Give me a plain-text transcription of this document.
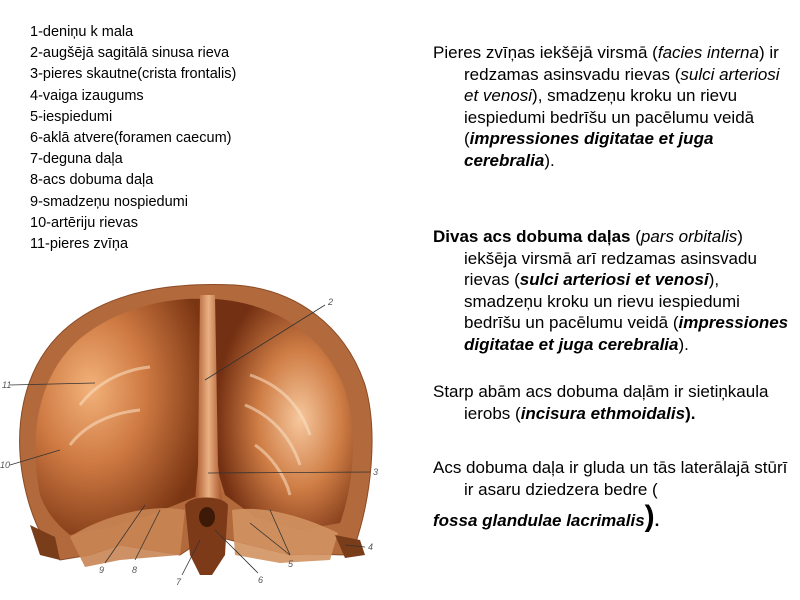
1-deniņu k mala
2-augšējā sagitālā sinusa rieva
3-pieres skautne(crista frontalis)
4-vaiga izaugums
5-iespiedumi
6-aklā atvere(foramen caecum)
7-deguna daļa
8-acs dobuma daļa
9-smadzeņu nospiedumi
10-artēriju rievas
11-pieres zvīņa
2
11
10
3
9	8
7	6
5
4
Pieres zvīņas iekšējā virsmā (facies interna) ir redzamas asinsvadu rievas (sulci arteriosi et venosi), smadzeņu kroku un rievu iespiedumi bedrīšu un pacēlumu veidā (impressiones digitatae et juga cerebralia).
Divas acs dobuma daļas (pars orbitalis) iekšēja virsmā arī redzamas asinsvadu rievas (sulci arteriosi et venosi), smadzeņu kroku un rievu iespiedumi bedrīšu un pacēlumu veidā (impressiones digitatae et juga cerebralia).
Starp abām acs dobuma daļām ir sietiņkaula ierobs (incisura ethmoidalis).
Acs dobuma daļa ir gluda un tās laterālajā stūrī ir asaru dziedzera bedre (fossa glandulae lacrimalis).
